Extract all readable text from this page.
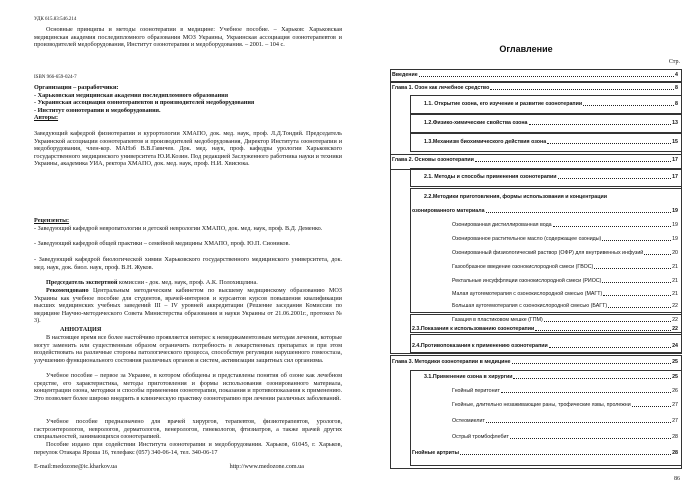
УДК 615.83:546.214

Основные принципы и методы озонотерапии в медицине: Учебное пособие. – Харьков: Харьковская медицинская академия последипломного образования МОЗ Украины, Украинская ассоциация озонотерапевтов и производителей медоборудования, Институт озонотерапии и медоборудования. – 2001. – 104 с.

ISBN 966-659-024-7
Организации – разработчики:
- Харьковская медицинская академия последипломного образования
- Украинская ассоциация озонотерапевтов и производителей медоборудования
- Институт озонотерапии и медоборудования.
Авторы:

Заведующий кафедрой физиотерапии и курортологии ХМАПО, док. мед. наук, проф. Л.Д.Тондий. Председатель Украинской ассоциации озонотерапевтов и производителей медоборудования, Директор Института озонотерапии и медоборудования, член-кор. МАНэб В.В.Гавичев. Док. мед. наук, проф. кафедры урологии Харьковского государственного медицинского университета Ю.И.Козин. Под редакцией Заслуженного работника науки и техники Украины, академика УИА, ректора ХМАПО, док. мед. наук, проф. Н.И. Хвисюка.

Рецензенты:

- Заведующий кафедрой невропатологии и детской неврологии ХМАПО, док. мед. наук, проф. В.Д. Деменко.

- Заведующий кафедрой общей практики – семейной медицины ХМАПО, проф. Ю.П. Сиоников.

- Заведующий кафедрой биологической химии Харьковского государственного медицинского университета, док. мед. наук, док. биол. наук, проф. В.Н. Жуков.

Председатель экспертной комиссии - док. мед. наук, проф. А.К. Полохищлина.

Рекомендовано Центральным методическим кабинетом по высшему медицинскому образованию МОЗ Украины как учебное пособие для студентов, врачей-интернов и курсантов курсов повышения квалификации высших медицинских учебных заведений III – IV уровней аккредитации (Решение заседания Комиссии по медицине Научно-методического Совета Министерства образования и науки Украины от 21.06.2001г., протокол № 3).

АННОТАЦИЯ

В настоящее время все более настойчиво проявляется интерес к немедикаментозным методам лечения, которые могут заменить или существенным образом ограничить потребность в лекарственных препаратах и при этом воздействовать на различные стороны патологического процесса, способствуя регуляции нарушенного гомеостаза, улучшению функционального состояния различных органов и систем, активизации защитных сил организма.

Учебное пособие – первое за Украине, в котором обобщены и представлены понятия об озоне как лечебном средстве, его характеристика, методы приготовления и формы использования озонированного материала, концентрации озона, методики и способы применения озонотерапии, показания и противопоказания к применению. Это позволяет более широко внедрить в клиническую практику озонотерапию при лечении различных заболеваний.

Учебное пособие предназначено для врачей хирургов, терапевтов, физиотерапевтов, урологов, гастроэнтерологов, неврологов, дерматологов, венерологов, гинекологов, фтизиатров, а также врачей других специальностей, занимающихся озонотерапией.

Пособие издано при содействии Института озонотерапии и медоборудования. Харьков, 61045, г. Харьков, переулок Отакара Яроша 16, телефакс (057) 340-06-14, тел. 340-06-17

E-mail:medozone@ic.kharkov.ua	http://www.medozone.com.ua
Оглавление
Стр.
Введение	4
Глава 1. Озон как лечебное средство	8
1.1. Открытие озона, его изучение и развитие озонотерапии	8
1.2.Физико-химические свойства озона	13
1.3.Механизм биохимического действия озона	15
Глава 2. Основы озонотерапии	17
2.1. Методы и способы применения озонотерапии	17
2.2.Методики приготовления, формы использования и концентрации
озонированного материала	19
Озонированная дистиллированная вода	19
Озонированное растительное масло (содержащее озониды)	19
Озонированный физиологический раствор (ОФР) для внутривенных инфузий	20
Газообразное введение озонокислородной смеси (ГВОС)	21
Ректальные инсуффляции озонокислородной смеси (РИОС)	21
Малая аутогемотерапия с озонокислородной смесью (МАГТ)	21
Большая аутогемотерапия с озонокислородной смесью (БАГТ)	22
Газация в пластиковом мешке (ГПМ)	22
2.3.Показания к использованию озонотерапии	22
2.4.Противопоказания к применению озонотерапии	24
Глава 3. Методики озонотерапии в медицине	25
3.1.Применение озона в хирургии	25
Гнойный перитонит	26
Гнойные, длительно незаживающие раны, трофические язвы, пролежни	27
Остеомиелит	27
Острый тромбофлебит	28
Гнойные артриты	28
86
